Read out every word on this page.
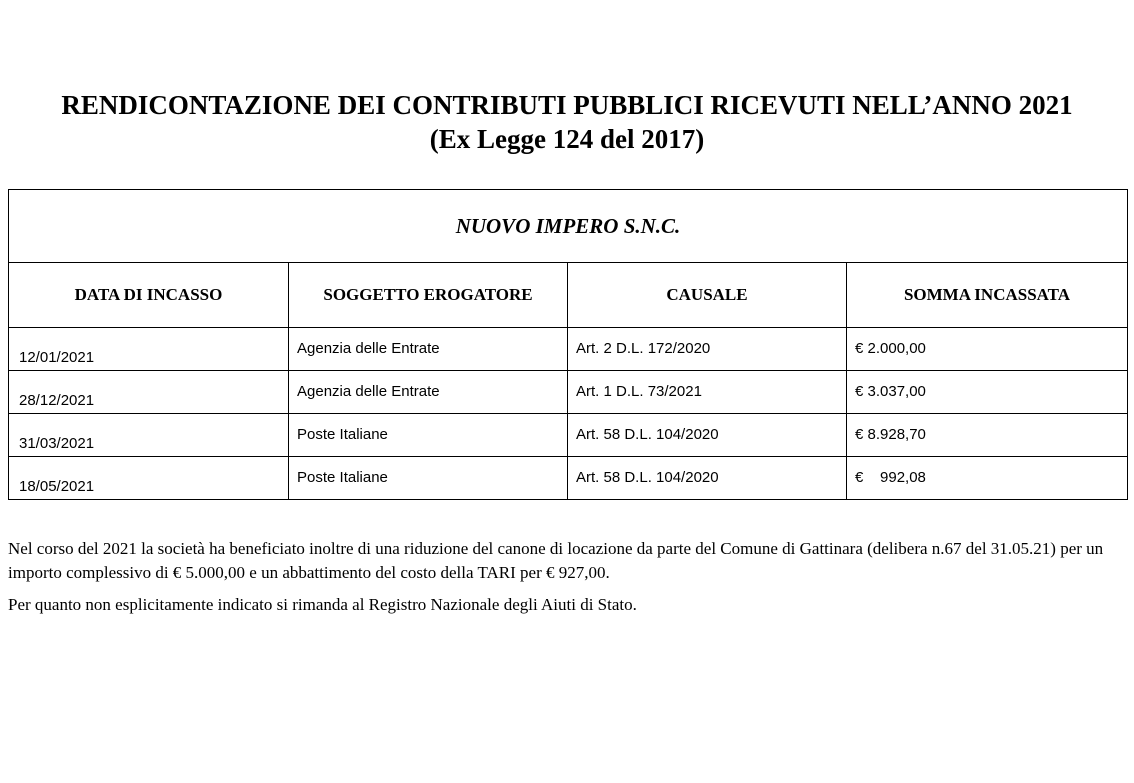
RENDICONTAZIONE DEI CONTRIBUTI PUBBLICI RICEVUTI NELL’ANNO 2021
(Ex Legge 124 del 2017)
NUOVO IMPERO S.N.C.			
DATA DI INCASSO	SOGGETTO EROGATORE	CAUSALE	SOMMA INCASSATA

12/01/2021	Agenzia delle Entrate	Art. 2 D.L. 172/2020	€ 2.000,00

28/12/2021	Agenzia delle Entrate	Art. 1 D.L. 73/2021	€ 3.037,00

31/03/2021	Poste Italiane	Art. 58 D.L. 104/2020	€ 8.928,70

18/05/2021	Poste Italiane	Art. 58 D.L. 104/2020	€    992,08

Nel corso del 2021 la società ha beneficiato inoltre di una riduzione del canone di locazione da parte del Comune di Gattinara (delibera n.67 del 31.05.21) per un importo complessivo di € 5.000,00 e un abbattimento del costo della TARI per € 927,00.

Per quanto non esplicitamente indicato si rimanda al Registro Nazionale degli Aiuti di Stato.
